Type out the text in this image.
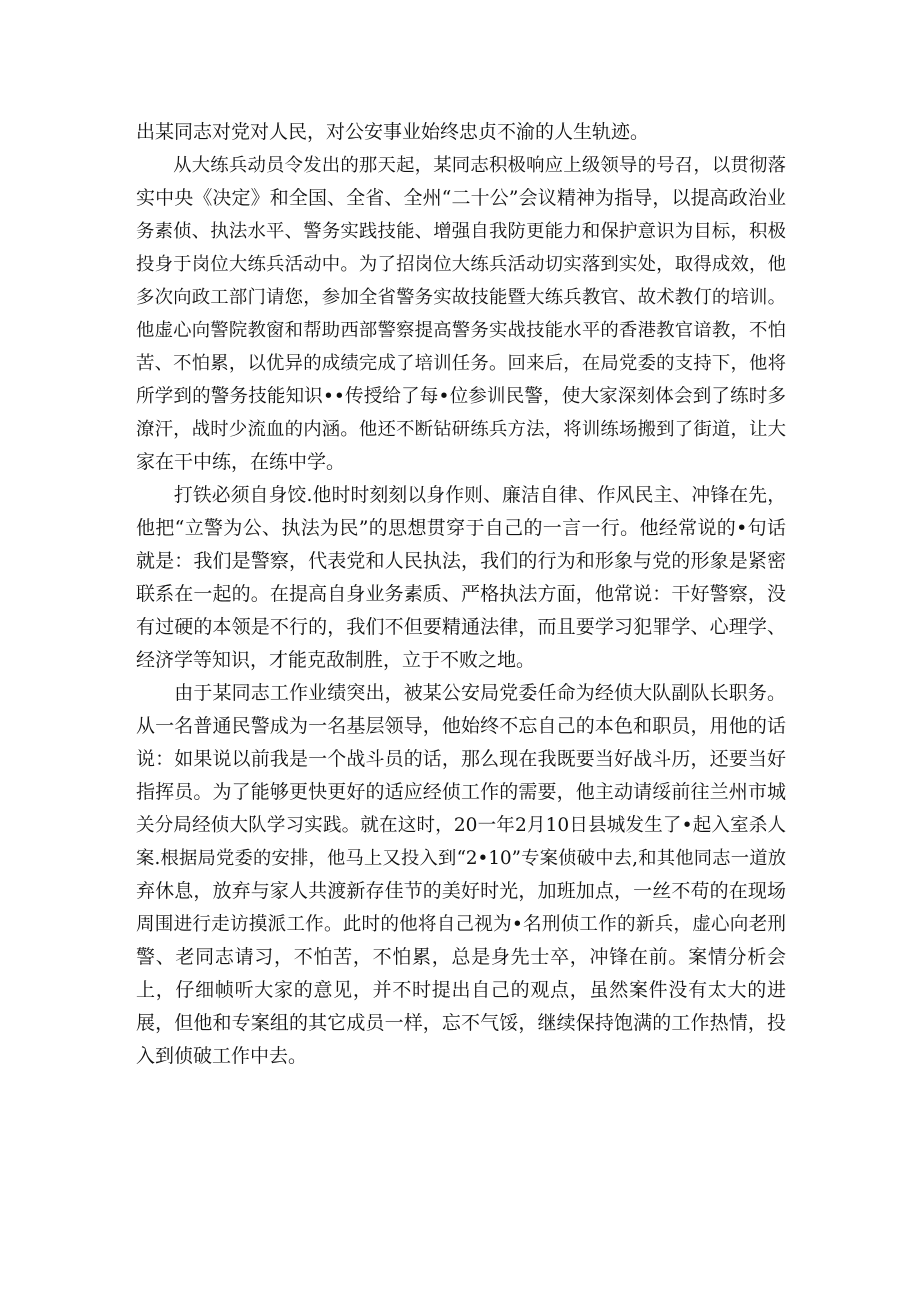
出某同志对党对人民，对公安事业始终忠贞不渝的人生轨迹。
　　从大练兵动员令发出的那天起，某同志积极响应上级领导的号召，以贯彻落
实中央《决定》和全国、全省、全州“二十公”会议精神为指导，以提高政治业
务素侦、执法水平、警务实践技能、增强自我防更能力和保护意识为目标，积极
投身于岗位大练兵活动中。为了招岗位大练兵活动切实落到实处，取得成效，他
多次向政工部门请您，参加全省警务实故技能暨大练兵教官、故术教仃的培训。
他虚心向警院教窗和帮助西部警察提高警务实战技能水平的香港教官谙教，不怕
苦、不怕累，以优异的成绩完成了培训任务。回来后，在局党委的支持下，他将
所学到的警务技能知识••传授给了每•位参训民警，使大家深刻体会到了练时多
潦汗，战时少流血的内涵。他还不断钻研练兵方法，将训练场搬到了街道，让大
家在干中练，在练中学。
　　打铁必须自身饺.他时时刻刻以身作则、廉洁自律、作风民主、冲锋在先，
他把“立警为公、执法为民”的思想贯穿于自己的一言一行。他经常说的•句话
就是：我们是警察，代表党和人民执法，我们的行为和形象与党的形象是紧密
联系在一起的。在提高自身业务素质、严格执法方面，他常说：干好警察，没
有过硬的本领是不行的，我们不但要精通法律，而且要学习犯罪学、心理学、
经济学等知识，才能克敌制胜，立于不败之地。
　　由于某同志工作业绩突出，被某公安局党委任命为经侦大队副队长职务。
从一名普通民警成为一名基层领导，他始终不忘自己的本色和职员，用他的话
说：如果说以前我是一个战斗员的话，那么现在我既要当好战斗历，还要当好
指挥员。为了能够更快更好的适应经侦工作的需要，他主动请绥前往兰州市城
关分局经侦大队学习实践。就在这时，20一年2月10日县城发生了•起入室杀人
案.根据局党委的安排，他马上又投入到“2•10”专案侦破中去,和其他同志一道放
弃休息，放弃与家人共渡新存佳节的美好时光，加班加点，一丝不苟的在现场
周围进行走访摸派工作。此时的他将自己视为•名刑侦工作的新兵，虚心向老刑
警、老同志请习，不怕苦，不怕累，总是身先士卒，冲锋在前。案情分析会
上，仔细帧听大家的意见，并不时提出自己的观点，虽然案件没有太大的进
展，但他和专案组的其它成员一样，忘不气馁，继续保持饱满的工作热情，投
入到侦破工作中去。
